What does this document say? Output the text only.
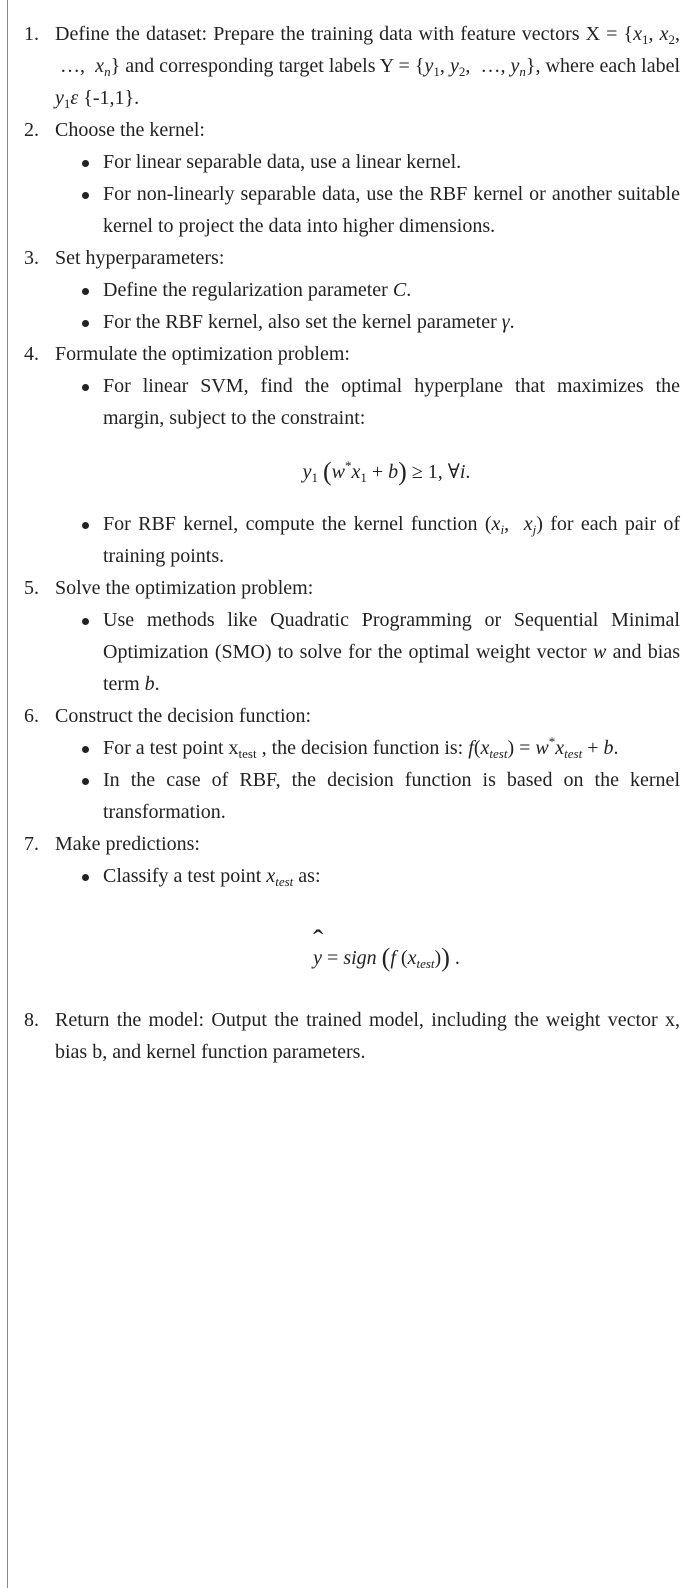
1. Define the dataset: Prepare the training data with feature vectors $X = \{x_1$, $x_2$,  …,  $x_n$} and corresponding target labels $Y = \{y_1$, $y_2$,  …, $y_n$}, where each label $y_1\varepsilon$ {-1,1}.
2. Choose the kernel:
For linear separable data, use a linear kernel.
For non-linearly separable data, use the RBF kernel or another suitable kernel to project the data into higher dimensions.
3. Set hyperparameters:
Define the regularization parameter C.
For the RBF kernel, also set the kernel parameter γ.
4. Formulate the optimization problem:
For linear SVM, find the optimal hyperplane that maximizes the margin, subject to the constraint:
$y_1$ $(w^*x_1 + b) \ge 1$, ∀i.
For RBF kernel, compute the kernel function ($x_i$,  $x_j$) for each pair of training points.
5. Solve the optimization problem:
Use methods like Quadratic Programming or Sequential Minimal Optimization (SMO) to solve for the optimal weight vector w and bias term b.
6. Construct the decision function:
For a test point $x_{test}$ , the decision function is: $f(x_{test}) = w^*x_{test} + b$.
In the case of RBF, the decision function is based on the kernel transformation.
7. Make predictions:
Classify a test point $x_{test}$ as:
ˆ y = sign (f $(x_{test})$) .
8. Return the model: Output the trained model, including the weight vector x, bias b, and kernel function parameters.
